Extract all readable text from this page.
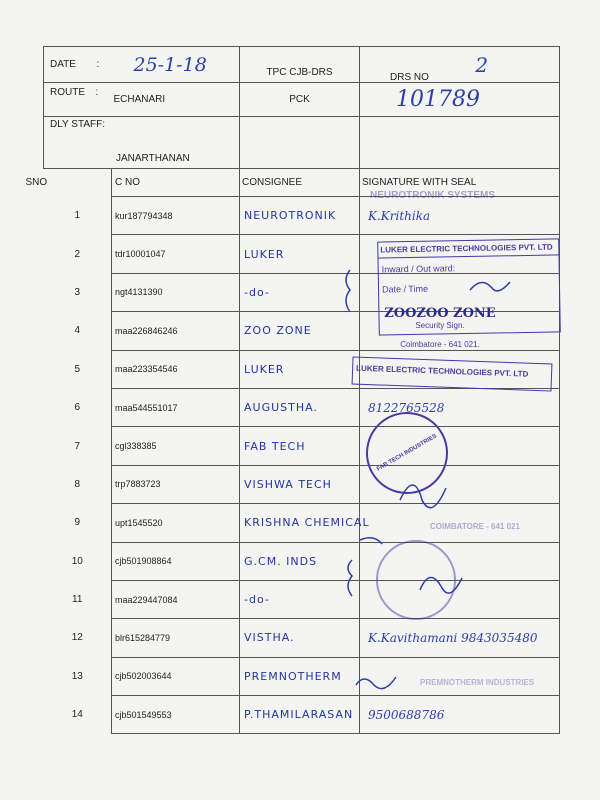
DATE :	25-1-18	TPC CJB-DRS	DRS NO 2
ROUTE :	ECHANARI	PCK	101789
DLY STAFF:
JANARTHANAN			

SNO	C NO	CONSIGNEE	SIGNATURE WITH SEAL
1	kur187794348	NEUROTRONIK	K.Krithika
2	tdr10001047	LUKER	
3	ngt4131390	-do-	
4	maa226846246	ZOO ZONE	
5	maa223354546	LUKER	
6	maa544551017	AUGUSTHA.	8122765528
7	cgl338385	FAB TECH	
8	trp7883723	VISHWA TECH	
9	upt1545520	KRISHNA CHEMICAL	
10	cjb501908864	G.CM. INDS	
11	maa229447084	-do-	
12	blr615284779	VISTHA.	K.Kavithamani 9843035480
13	cjb502003644	PREMNOTHERM	
14	cjb501549553	P.THAMILARASAN	9500688786
NEUROTRONIK SYSTEMS
LUKER ELECTRIC TECHNOLOGIES PVT. LTD
Inward / Out ward:
Date / Time
ZOOZOO ZONE
Security Sign.
Coimbatore - 641 021.
LUKER ELECTRIC TECHNOLOGIES PVT. LTD
FAB TECH INDUSTRIES
COIMBATORE - 641 021
PREMNOTHERM INDUSTRIES
